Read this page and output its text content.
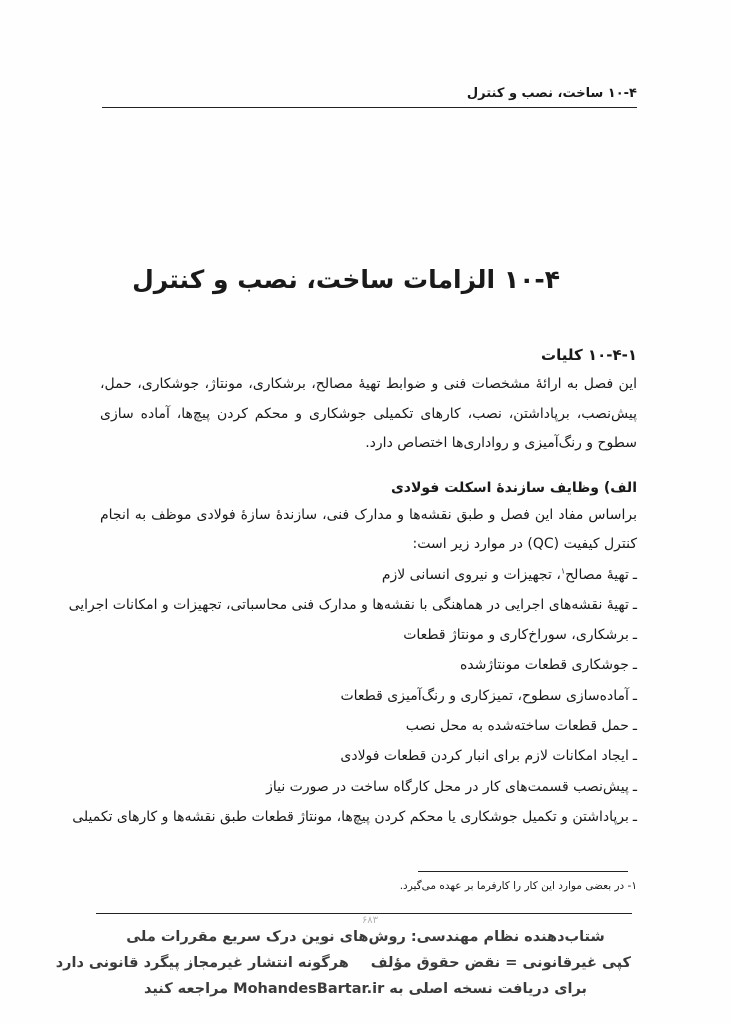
۱۰-۴ ساخت، نصب و کنترل
۱۰-۴ الزامات ساخت، نصب و کنترل
۱۰-۴-۱ کلیات

این فصل به ارائهٔ مشخصات فنی و ضوابط تهیهٔ مصالح، برشکاری، مونتاژ، جوشکاری، حمل، پیش‌نصب، برپاداشتن، نصب، کارهای تکمیلی جوشکاری و محکم کردن پیچ‌ها، آماده سازی سطوح و رنگ‌آمیزی و رواداری‌ها اختصاص دارد.

الف) وظایف سازندهٔ اسکلت فولادی

براساس مفاد این فصل و طبق نقشه‌ها و مدارک فنی، سازندهٔ سازهٔ فولادی موظف به انجام کنترل کیفیت (QC) در موارد زیر است:

ـتهیهٔ مصالح$^۱$، تجهیزات و نیروی انسانی لازم
ـتهیهٔ نقشه‌های اجرایی در هماهنگی با نقشه‌ها و مدارک فنی محاسباتی، تجهیزات و امکانات اجرایی
ـبرشکاری، سوراخ‌کاری و مونتاژ قطعات
ـجوشکاری قطعات مونتاژشده
ـآماده‌سازی سطوح، تمیزکاری و رنگ‌آمیزی قطعات
ـحمل قطعات ساخته‌شده به محل نصب
ـایجاد امکانات لازم برای انبار کردن قطعات فولادی
ـپیش‌نصب قسمت‌های کار در محل کارگاه ساخت در صورت نیاز
ـبرپاداشتن و تکمیل جوشکاری یا محکم کردن پیچ‌ها، مونتاژ قطعات طبق نقشه‌ها و کارهای تکمیلی
۱- در بعضی موارد این کار را کارفرما بر عهده می‌گیرد.
۶۸۳
شتاب‌دهنده نظام مهندسی: روش‌های نوین درک سریع مقررات ملی
کپی غیرقانونی = نقض حقوق مؤلفهرگونه انتشار غیرمجاز پیگرد قانونی دارد
برای دریافت نسخه اصلی به MohandesBartar.ir مراجعه کنید
